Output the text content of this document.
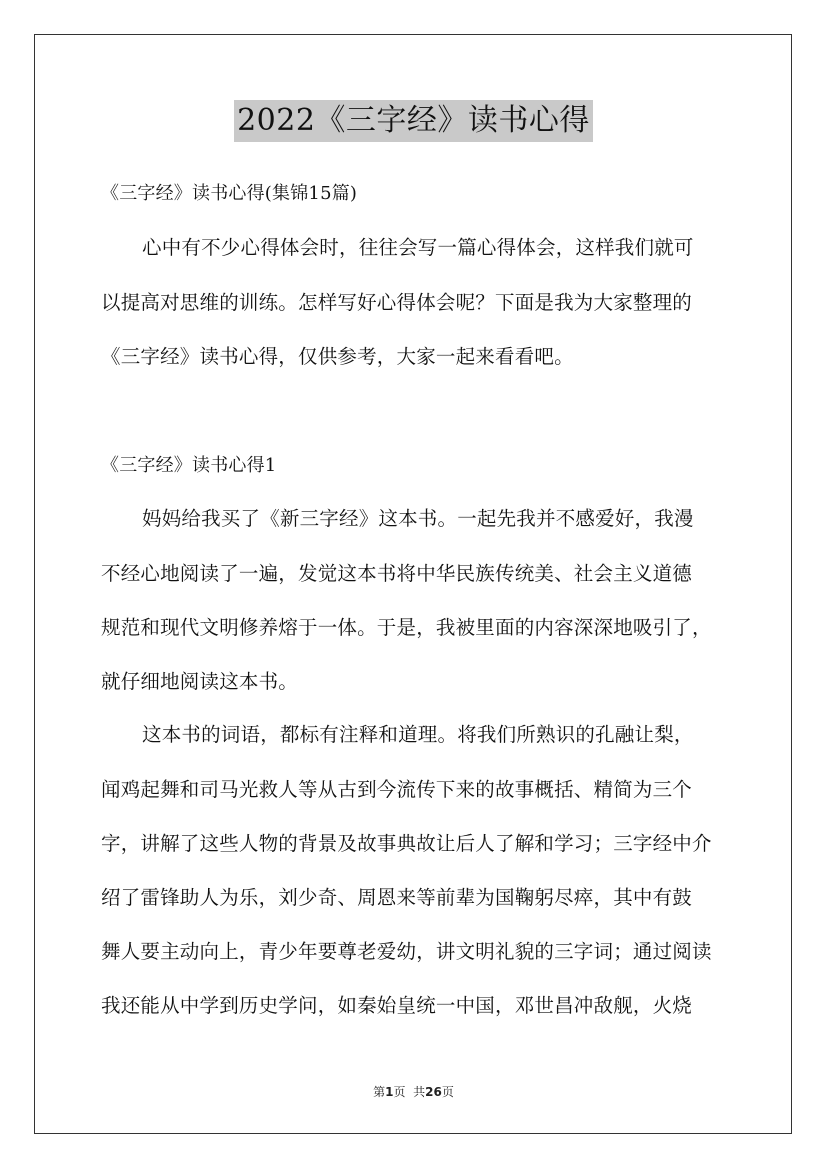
2022《三字经》读书心得
《三字经》读书心得(集锦15篇)
心中有不少心得体会时，往往会写一篇心得体会，这样我们就可
以提高对思维的训练。怎样写好心得体会呢？下面是我为大家整理的
《三字经》读书心得，仅供参考，大家一起来看看吧。
《三字经》读书心得1
妈妈给我买了《新三字经》这本书。一起先我并不感爱好，我漫
不经心地阅读了一遍，发觉这本书将中华民族传统美、社会主义道德
规范和现代文明修养熔于一体。于是，我被里面的内容深深地吸引了，
就仔细地阅读这本书。
这本书的词语，都标有注释和道理。将我们所熟识的孔融让梨，
闻鸡起舞和司马光救人等从古到今流传下来的故事概括、精简为三个
字，讲解了这些人物的背景及故事典故让后人了解和学习；三字经中介
绍了雷锋助人为乐，刘少奇、周恩来等前辈为国鞠躬尽瘁，其中有鼓
舞人要主动向上，青少年要尊老爱幼，讲文明礼貌的三字词；通过阅读
我还能从中学到历史学问，如秦始皇统一中国，邓世昌冲敌舰，火烧
第1页  共26页
